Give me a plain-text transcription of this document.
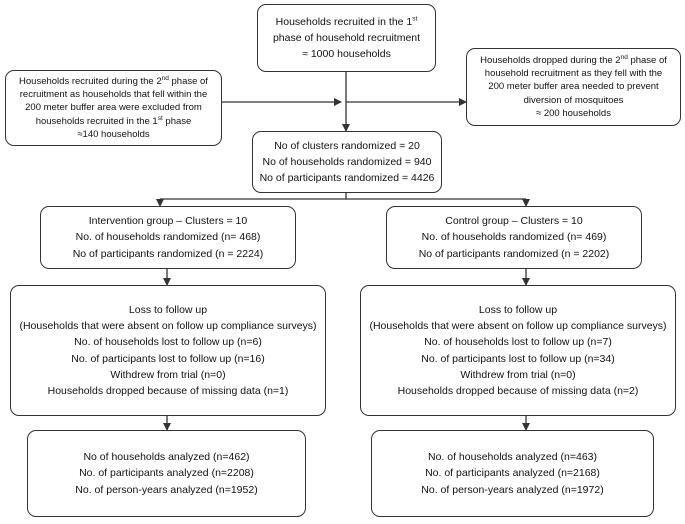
Households recruited in the 1st
phase of household recruitment
≈ 1000 households
Households recruited during the 2nd phase of
recruitment as households that fell within the
200 meter buffer area were excluded from
households recruited in the 1st phase
≈140 households
Households dropped during the 2nd phase of
household recruitment as they fell with the
200 meter buffer area needed to prevent
diversion of mosquitoes
≈ 200 households
No of clusters randomized = 20
No of households randomized = 940
No of participants randomized = 4426
Intervention group – Clusters = 10
No. of households randomized (n= 468)
No of participants randomized (n = 2224)
Control group – Clusters = 10
No. of households randomized (n= 469)
No of participants randomized (n = 2202)
Loss to follow up
(Households that were absent on follow up compliance surveys)
No. of households lost to follow up (n=6)
No. of participants lost to follow up (n=16)
Withdrew from trial (n=0)
Households dropped because of missing data (n=1)
Loss to follow up
(Households that were absent on follow up compliance surveys)
No. of households lost to follow up (n=7)
No. of participants lost to follow up (n=34)
Withdrew from trial (n=0)
Households dropped because of missing data (n=2)
No of households analyzed (n=462)
No. of participants analyzed (n=2208)
No. of person-years analyzed (n=1952)
No. of households analyzed (n=463)
No. of participants analyzed (n=2168)
No. of person-years analyzed (n=1972)
